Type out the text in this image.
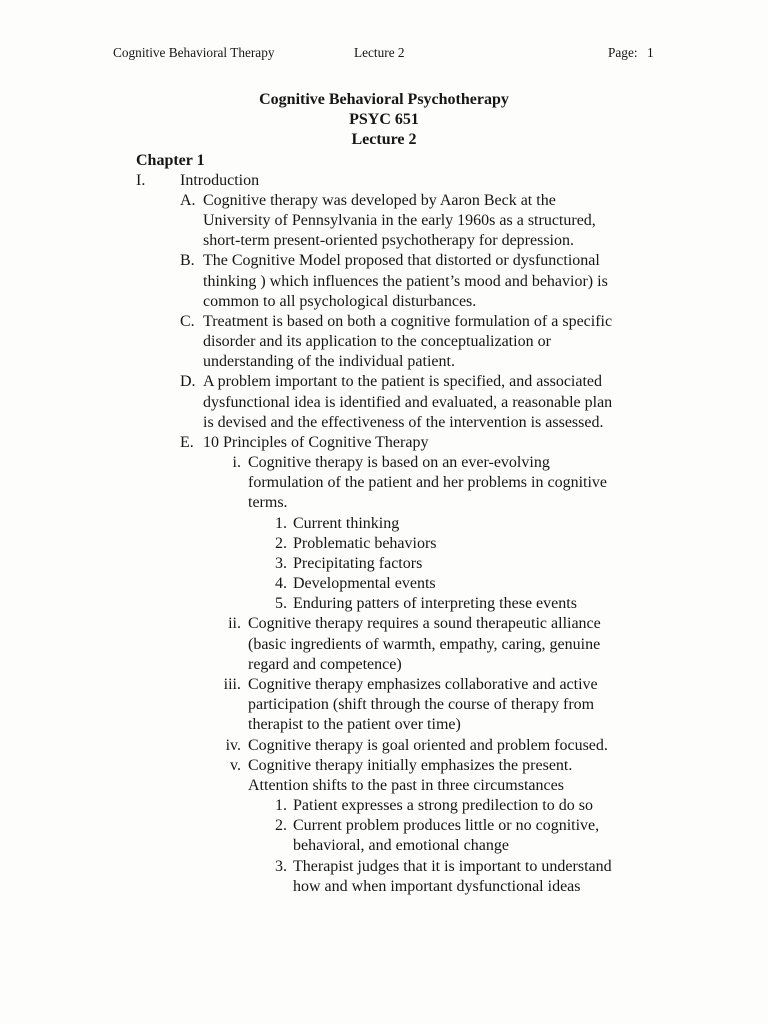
Cognitive Behavioral Therapy	Lecture 2	Page: 1
Cognitive Behavioral Psychotherapy
PSYC 651
Lecture 2
Chapter 1
I. Introduction
A. Cognitive therapy was developed by Aaron Beck at the
University of Pennsylvania in the early 1960s as a structured,
short-term present-oriented psychotherapy for depression.
B. The Cognitive Model proposed that distorted or dysfunctional
thinking ) which influences the patient’s mood and behavior) is
common to all psychological disturbances.
C. Treatment is based on both a cognitive formulation of a specific
disorder and its application to the conceptualization or
understanding of the individual patient.
D. A problem important to the patient is specified, and associated
dysfunctional idea is identified and evaluated, a reasonable plan
is devised and the effectiveness of the intervention is assessed.
E. 10 Principles of Cognitive Therapy
i. Cognitive therapy is based on an ever-evolving
formulation of the patient and her problems in cognitive
terms.
1. Current thinking
2. Problematic behaviors
3. Precipitating factors
4. Developmental events
5. Enduring patters of interpreting these events
ii. Cognitive therapy requires a sound therapeutic alliance
(basic ingredients of warmth, empathy, caring, genuine
regard and competence)
iii. Cognitive therapy emphasizes collaborative and active
participation (shift through the course of therapy from
therapist to the patient over time)
iv. Cognitive therapy is goal oriented and problem focused.
v. Cognitive therapy initially emphasizes the present.
Attention shifts to the past in three circumstances
1. Patient expresses a strong predilection to do so
2. Current problem produces little or no cognitive,
behavioral, and emotional change
3. Therapist judges that it is important to understand
how and when important dysfunctional ideas
